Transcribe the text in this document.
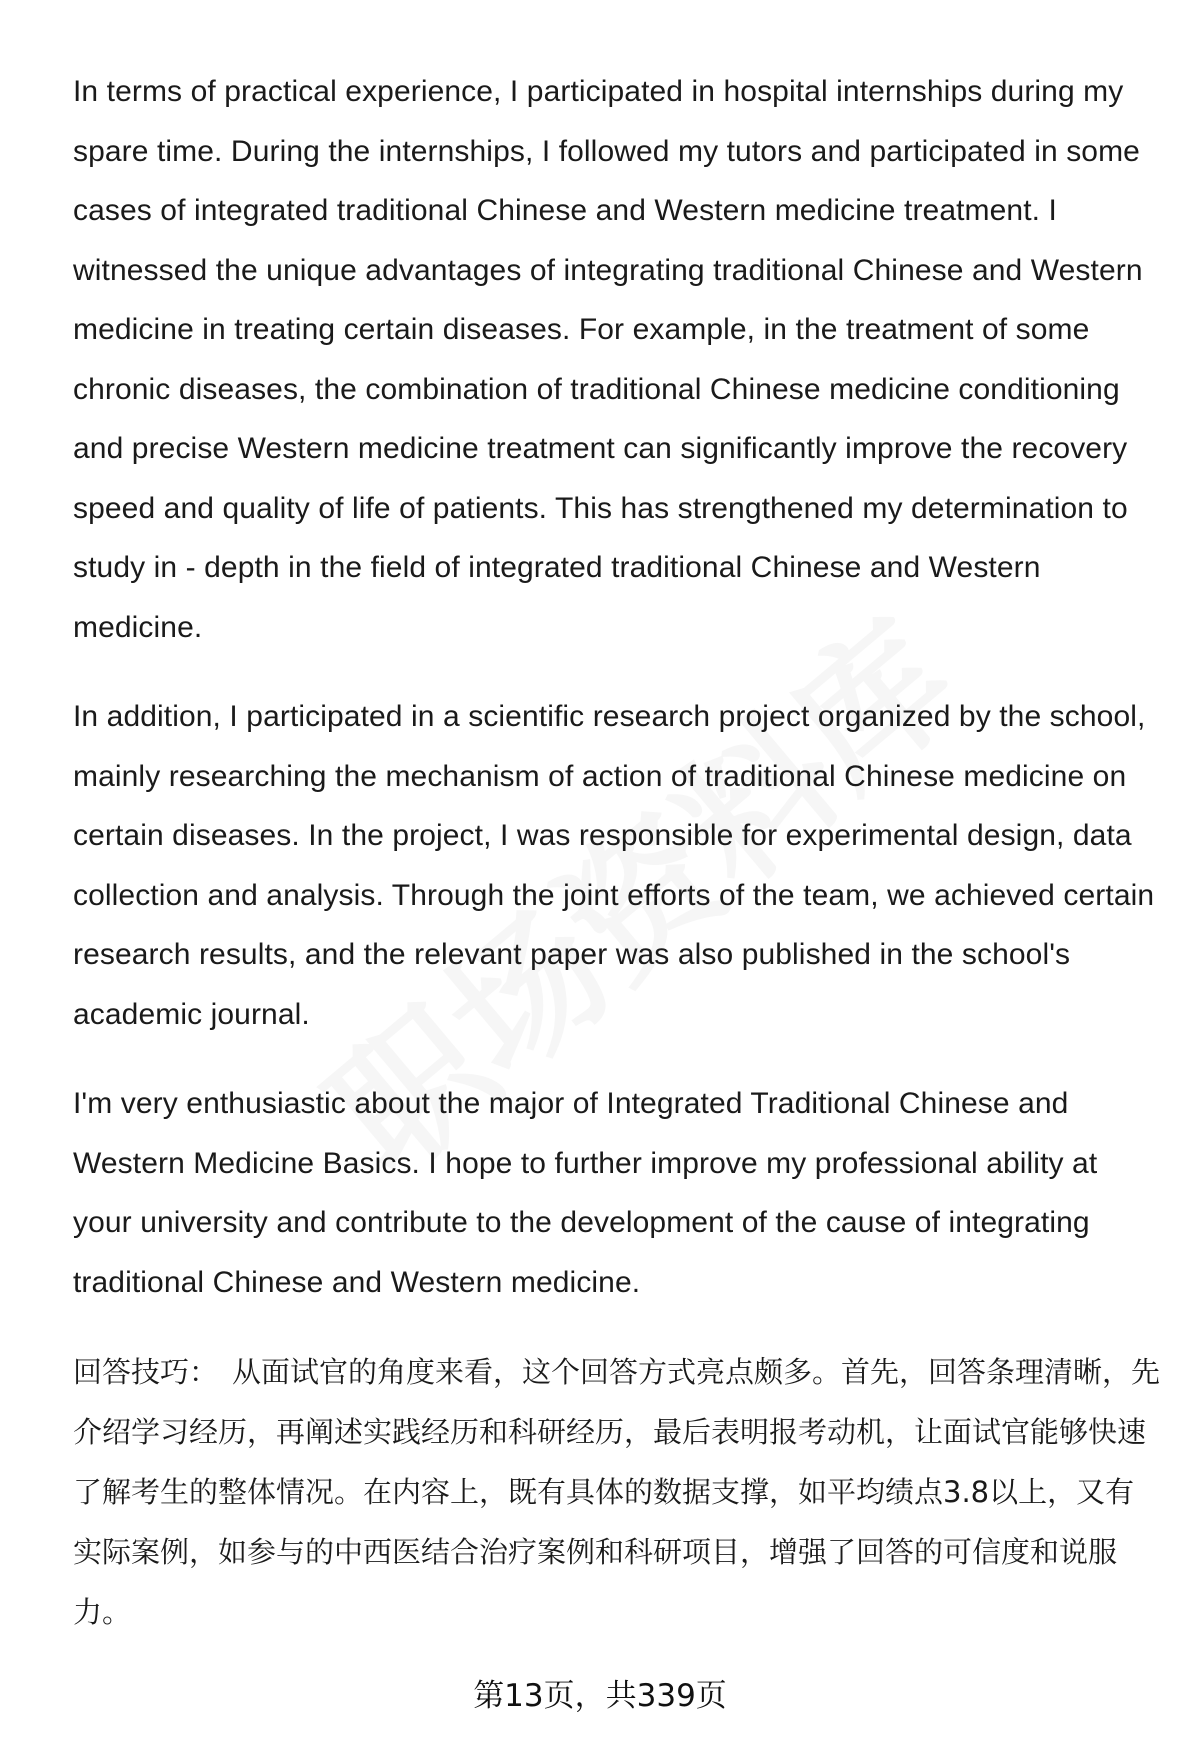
In terms of practical experience, I participated in hospital internships during my spare time. During the internships, I followed my tutors and participated in some cases of integrated traditional Chinese and Western medicine treatment. I witnessed the unique advantages of integrating traditional Chinese and Western medicine in treating certain diseases. For example, in the treatment of some chronic diseases, the combination of traditional Chinese medicine conditioning and precise Western medicine treatment can significantly improve the recovery speed and quality of life of patients. This has strengthened my determination to study in - depth in the field of integrated traditional Chinese and Western medicine.

In addition, I participated in a scientific research project organized by the school, mainly researching the mechanism of action of traditional Chinese medicine on certain diseases. In the project, I was responsible for experimental design, data collection and analysis. Through the joint efforts of the team, we achieved certain research results, and the relevant paper was also published in the school's academic journal.

I'm very enthusiastic about the major of Integrated Traditional Chinese and Western Medicine Basics. I hope to further improve my professional ability at your university and contribute to the development of the cause of integrating traditional Chinese and Western medicine.

回答技巧： 从面试官的角度来看，这个回答方式亮点颇多。首先，回答条理清晰，先介绍学习经历，再阐述实践经历和科研经历，最后表明报考动机，让面试官能够快速了解考生的整体情况。在内容上，既有具体的数据支撑，如平均绩点3.8以上，又有实际案例，如参与的中西医结合治疗案例和科研项目，增强了回答的可信度和说服力。

第13页，共339页
